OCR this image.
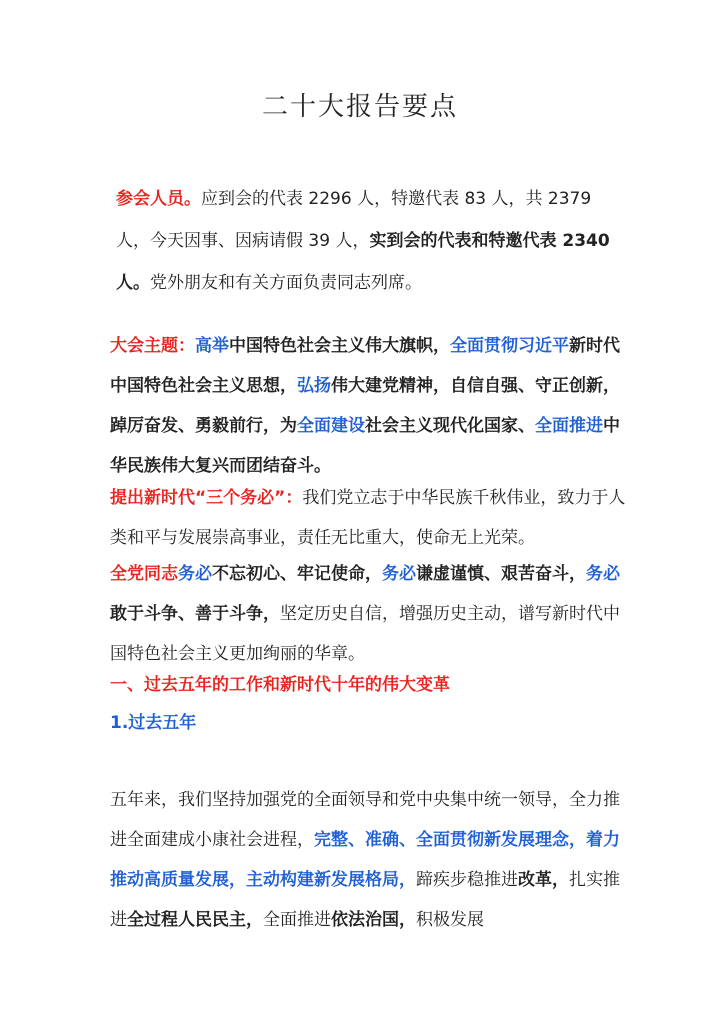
二十大报告要点
参会人员。应到会的代表 2296 人，特邀代表 83 人，共 2379 人，今天因事、因病请假 39 人，实到会的代表和特邀代表 2340 人。党外朋友和有关方面负责同志列席。
大会主题：高举中国特色社会主义伟大旗帜，全面贯彻习近平新时代中国特色社会主义思想，弘扬伟大建党精神，自信自强、守正创新，踔厉奋发、勇毅前行，为全面建设社会主义现代化国家、全面推进中华民族伟大复兴而团结奋斗。
提出新时代“三个务必”：我们党立志于中华民族千秋伟业，致力于人类和平与发展崇高事业，责任无比重大，使命无上光荣。
全党同志务必不忘初心、牢记使命，务必谦虚谨慎、艰苦奋斗，务必敢于斗争、善于斗争，坚定历史自信，增强历史主动，谱写新时代中国特色社会主义更加绚丽的华章。
一、过去五年的工作和新时代十年的伟大变革
1.过去五年
五年来，我们坚持加强党的全面领导和党中央集中统一领导，全力推进全面建成小康社会进程，完整、准确、全面贯彻新发展理念，着力推动高质量发展，主动构建新发展格局，蹄疾步稳推进改革，扎实推进全过程人民民主，全面推进依法治国，积极发展
